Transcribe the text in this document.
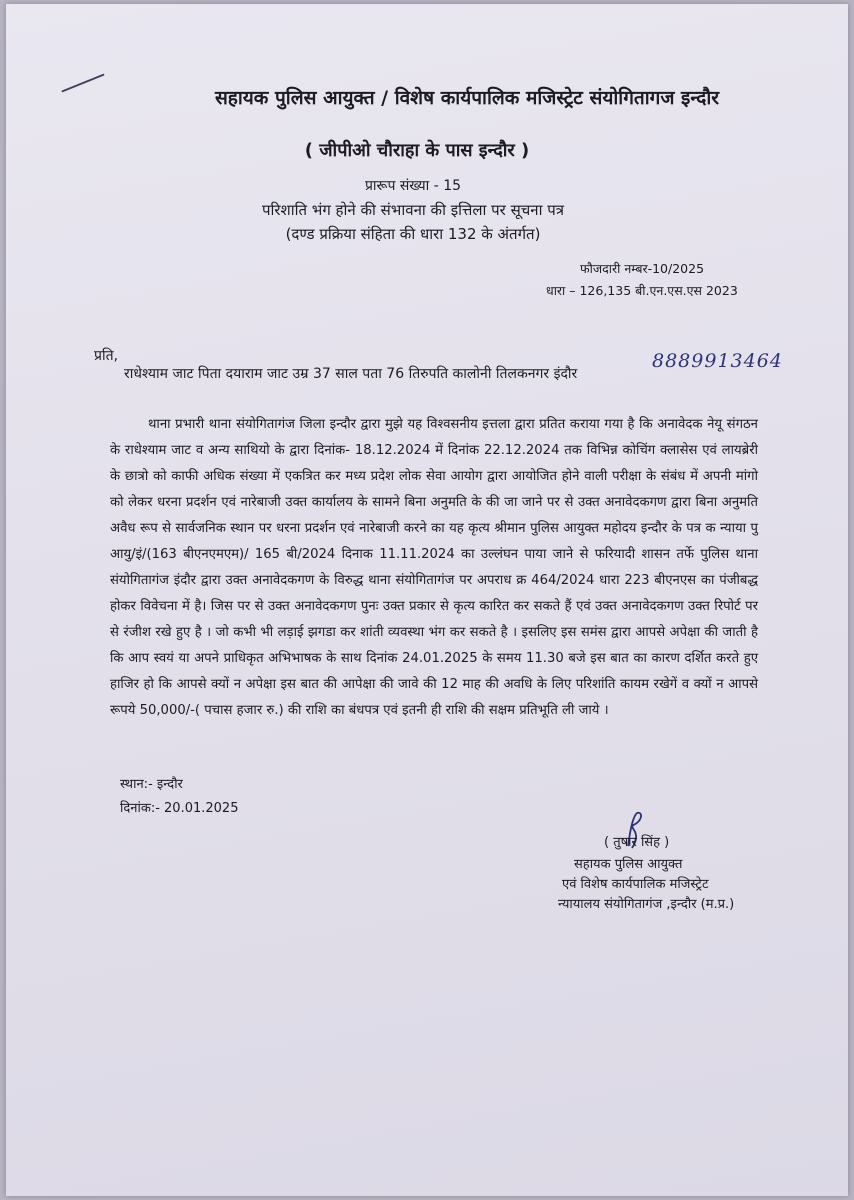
सहायक पुलिस आयुक्त / विशेष कार्यपालिक मजिस्ट्रेट संयोगितागज इन्दौर
( जीपीओ चौराहा के पास इन्दौर )
प्रारूप संख्या - 15
परिशाति भंग होने की संभावना की इत्तिला पर सूचना पत्र
(दण्ड प्रक्रिया संहिता की धारा 132 के अंतर्गत)
फौजदारी नम्बर-10/2025
धारा – 126,135 बी.एन.एस.एस 2023
प्रति,
राधेश्याम जाट पिता दयाराम जाट उम्र 37 साल पता 76 तिरुपति कालोनी तिलकनगर इंदौर
8889913464

थाना प्रभारी थाना संयोगितागंज जिला इन्दौर द्वारा मुझे यह विश्वसनीय इत्तला द्वारा प्रतित कराया गया है कि अनावेदक नेयू संगठन के राधेश्याम जाट व अन्य साथियो के द्वारा दिनांक- 18.12.2024 में दिनांक 22.12.2024 तक विभिन्न कोचिंग क्लासेस एवं लायब्रेरी के छात्रो को काफी अधिक संख्या में एकत्रित कर मध्य प्रदेश लोक सेवा आयोग द्वारा आयोजित होने वाली परीक्षा के संबंध में अपनी मांगो को लेकर धरना प्रदर्शन एवं नारेबाजी उक्त कार्यालय के सामने बिना अनुमति के की जा जाने पर से उक्त अनावेदकगण द्वारा बिना अनुमति अवैध रूप से सार्वजनिक स्थान पर धरना प्रदर्शन एवं नारेबाजी करने का यह कृत्य श्रीमान पुलिस आयुक्त महोदय इन्दौर के पत्र क न्याया पु आयु/इं/(163 बीएनएमएम)/ 165 बी/2024 दिनाक 11.11.2024 का उल्लंघन पाया जाने से फरियादी शासन तर्फे पुलिस थाना संयोगितागंज इंदौर द्वारा उक्त अनावेदकगण के विरुद्ध थाना संयोगितागंज पर अपराध क्र 464/2024 धारा 223 बीएनएस का पंजीबद्ध होकर विवेचना में है। जिस पर से उक्त अनावेदकगण पुनः उक्त प्रकार से कृत्य कारित कर सकते हैं एवं उक्त अनावेदकगण उक्त रिपोर्ट पर से रंजीश रखे हुए है । जो कभी भी लड़ाई झगडा कर शांती व्यवस्था भंग कर सकते है । इसलिए इस समंस द्वारा आपसे अपेक्षा की जाती है कि आप स्वयं या अपने प्राधिकृत अभिभाषक के साथ दिनांक 24.01.2025 के समय 11.30 बजे इस बात का कारण दर्शित करते हुए हाजिर हो कि आपसे क्यों न अपेक्षा इस बात की आपेक्षा की जावे की 12 माह की अवधि के लिए परिशांति कायम रखेगें व क्यों न आपसे रूपये 50,000/-( पचास हजार रु.) की राशि का बंधपत्र एवं इतनी ही राशि की सक्षम प्रतिभूति ली जाये ।

स्थान:- इन्दौर
दिनांक:- 20.01.2025
( तुषार सिंह )
सहायक पुलिस आयुक्त
एवं विशेष कार्यपालिक मजिस्ट्रेट
न्यायालय संयोगितागंज ,इन्दौर (म.प्र.)
